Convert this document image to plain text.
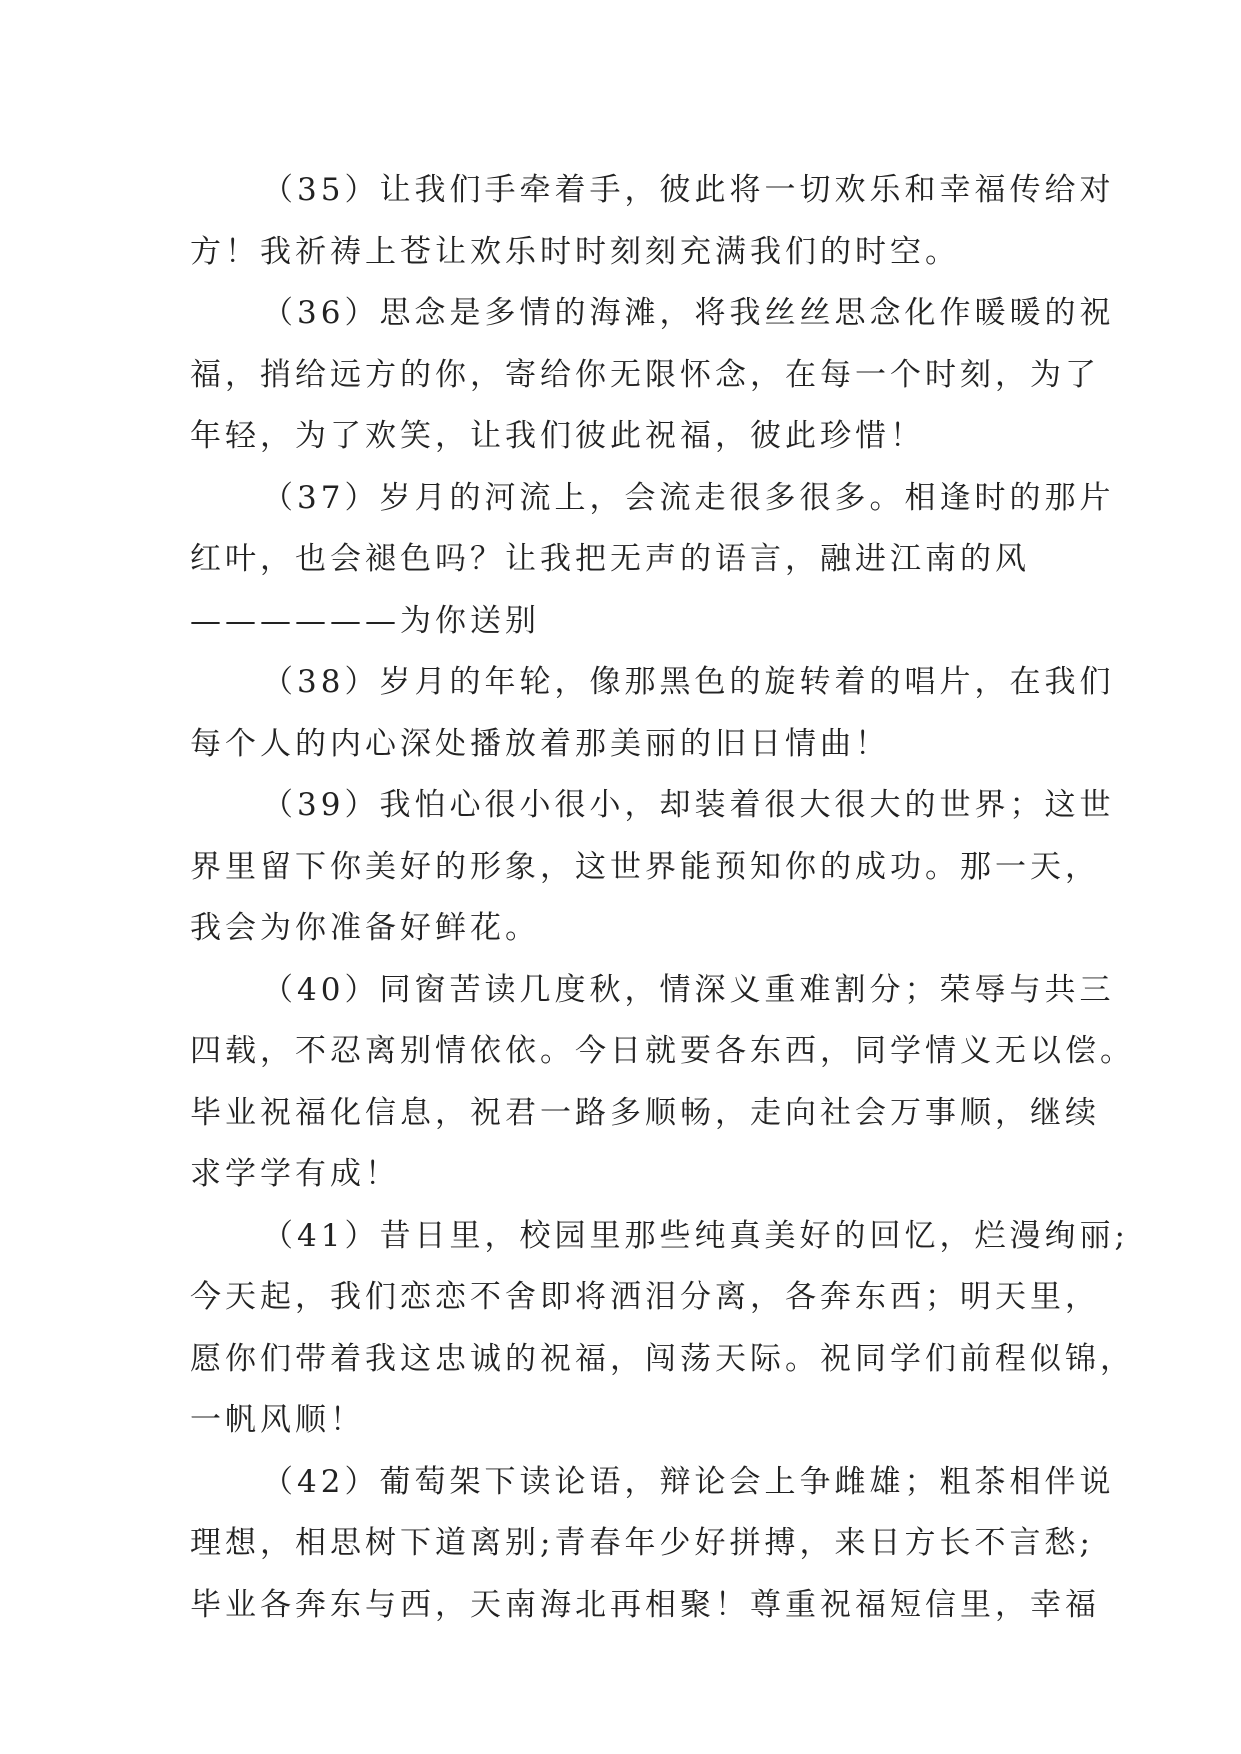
（35）让我们手牵着手，彼此将一切欢乐和幸福传给对
方！我祈祷上苍让欢乐时时刻刻充满我们的时空。

（36）思念是多情的海滩，将我丝丝思念化作暖暖的祝
福，捎给远方的你，寄给你无限怀念，在每一个时刻，为了
年轻，为了欢笑，让我们彼此祝福，彼此珍惜！

（37）岁月的河流上，会流走很多很多。相逢时的那片
红叶，也会褪色吗？让我把无声的语言，融进江南的风
——————为你送别

（38）岁月的年轮，像那黑色的旋转着的唱片，在我们
每个人的内心深处播放着那美丽的旧日情曲！

（39）我怕心很小很小，却装着很大很大的世界；这世
界里留下你美好的形象，这世界能预知你的成功。那一天，
我会为你准备好鲜花。

（40）同窗苦读几度秋，情深义重难割分；荣辱与共三
四载，不忍离别情依依。今日就要各东西，同学情义无以偿。
毕业祝福化信息，祝君一路多顺畅，走向社会万事顺，继续
求学学有成！

（41）昔日里，校园里那些纯真美好的回忆，烂漫绚丽;
今天起，我们恋恋不舍即将洒泪分离，各奔东西；明天里，
愿你们带着我这忠诚的祝福，闯荡天际。祝同学们前程似锦，
一帆风顺！

（42）葡萄架下读论语，辩论会上争雌雄；粗茶相伴说
理想，相思树下道离别;青春年少好拼搏，来日方长不言愁;
毕业各奔东与西，天南海北再相聚！尊重祝福短信里，幸福
